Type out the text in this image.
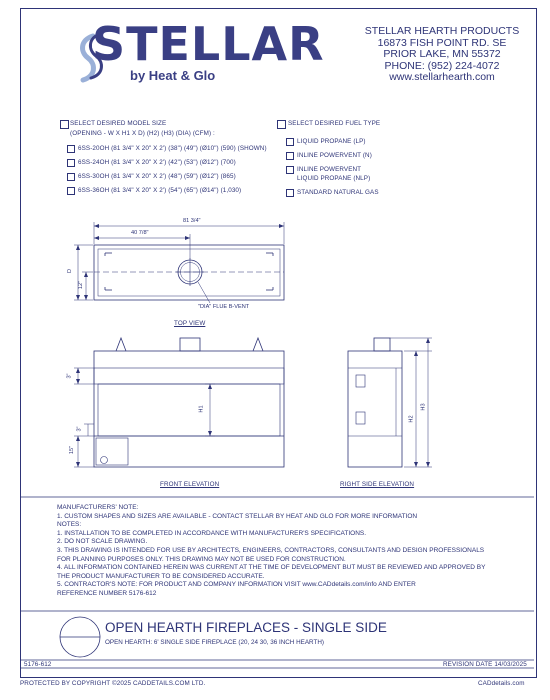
STELLAR
by Heat & Glo
STELLAR HEARTH PRODUCTS
16873 FISH POINT RD. SE
PRIOR LAKE, MN 55372
PHONE: (952) 224-4072
www.stellarhearth.com
SELECT DESIRED MODEL SIZE
(OPENING - W X H1 X D) (H2) (H3) (DIA) (CFM) :
6SS-20OH (81 3/4" X 20" X 2') (38") (49") (Ø10") (590) (SHOWN)
6SS-24OH (81 3/4" X 20" X 2') (42") (53") (Ø12") (700)
6SS-30OH (81 3/4" X 20" X 2') (48") (59") (Ø12") (865)
6SS-36OH (81 3/4" X 20" X 2') (54") (65") (Ø14") (1,030)
SELECT DESIRED FUEL TYPE
LIQUID PROPANE (LP)
INLINE POWERVENT (N)
INLINE POWERVENT
LIQUID PROPANE (NLP)
STANDARD NATURAL GAS
81 3/4"
40 7/8"
D
12"
"DIA" FLUE B-VENT
TOP VIEW
3"
H1
3"
15"
FRONT ELEVATION
H2
H3
RIGHT SIDE ELEVATION
MANUFACTURERS' NOTE:
1. CUSTOM SHAPES AND SIZES ARE AVAILABLE - CONTACT STELLAR BY HEAT AND GLO FOR MORE INFORMATION
NOTES:
1. INSTALLATION TO BE COMPLETED IN ACCORDANCE WITH MANUFACTURER'S SPECIFICATIONS.
2. DO NOT SCALE DRAWING.
3. THIS DRAWING IS INTENDED FOR USE BY ARCHITECTS, ENGINEERS, CONTRACTORS, CONSULTANTS AND DESIGN PROFESSIONALS
FOR PLANNING PURPOSES ONLY. THIS DRAWING MAY NOT BE USED FOR CONSTRUCTION.
4. ALL INFORMATION CONTAINED HEREIN WAS CURRENT AT THE TIME OF DEVELOPMENT BUT MUST BE REVIEWED AND APPROVED BY
THE PRODUCT MANUFACTURER TO BE CONSIDERED ACCURATE.
5. CONTRACTOR'S NOTE: FOR PRODUCT AND COMPANY INFORMATION VISIT www.CADdetails.com/info AND ENTER
REFERENCE NUMBER 5176-612
OPEN HEARTH FIREPLACES - SINGLE SIDE
OPEN HEARTH: 6' SINGLE SIDE FIREPLACE (20, 24 30, 36 INCH HEARTH)
5176-612	REVISION DATE 14/03/2025
PROTECTED BY COPYRIGHT ©2025 CADDETAILS.COM LTD.	CADdetails.com
